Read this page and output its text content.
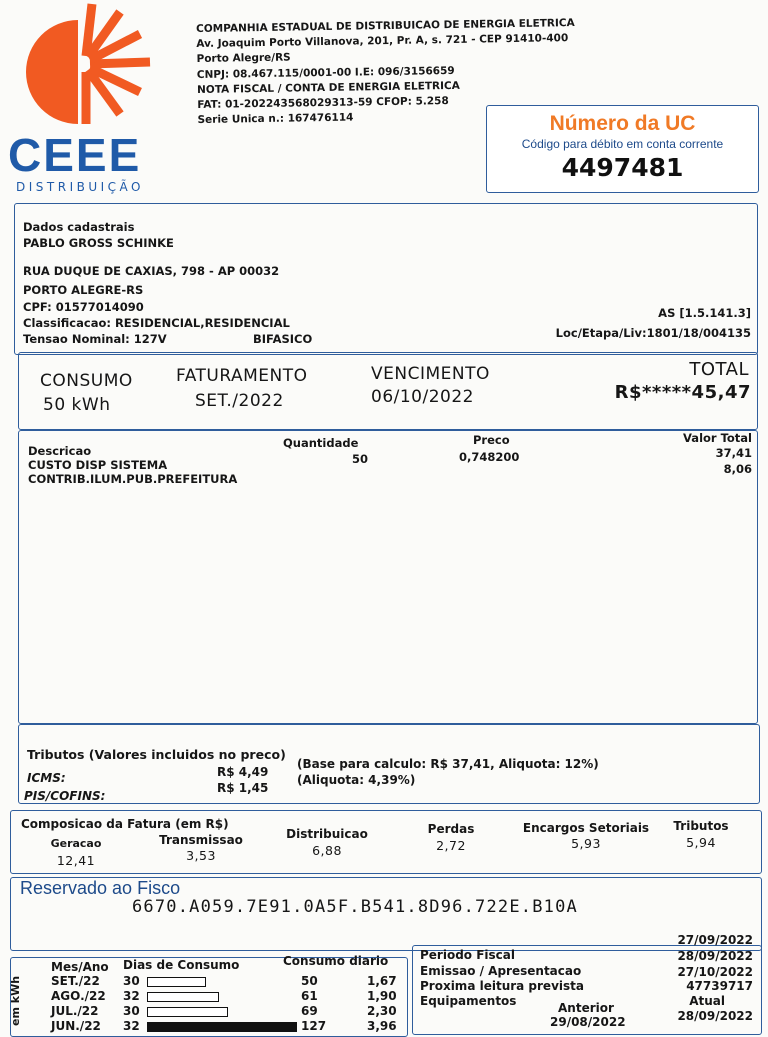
CEEE
DISTRIBUIÇÃO
COMPANHIA ESTADUAL DE DISTRIBUICAO DE ENERGIA ELETRICA
Av. Joaquim Porto Villanova, 201, Pr. A, s. 721 - CEP 91410-400
Porto Alegre/RS
CNPJ: 08.467.115/0001-00 I.E: 096/3156659
NOTA FISCAL / CONTA DE ENERGIA ELETRICA
FAT: 01-202243568029313-59 CFOP: 5.258
Serie Unica n.: 167476114	Número da UC
Código para débito em conta corrente
4497481
Dados cadastrais
PABLO GROSS SCHINKE
RUA DUQUE DE CAXIAS, 798 - AP 00032
PORTO ALEGRE-RS
CPF: 01577014090
Classificacao: RESIDENCIAL,RESIDENCIAL
Tensao Nominal: 127V	BIFASICO
AS [1.5.141.3]
Loc/Etapa/Liv:1801/18/004135
CONSUMO
50 kWh
FATURAMENTO
SET./2022
VENCIMENTO
06/10/2022
TOTAL
R$*****45,47
Descricao
Quantidade	Preco	Valor Total
CUSTO DISP SISTEMA	50	0,748200	37,41
CONTRIB.ILUM.PUB.PREFEITURA
8,06
Tributos (Valores incluidos no preco)
ICMS:	R$ 4,49
(Base para calculo: R$ 37,41, Aliquota: 12%)
PIS/COFINS:
R$ 1,45
(Aliquota: 4,39%)
Composicao da Fatura (em R$)
Geracao
12,41
Transmissao
3,53
Distribuicao
6,88
Perdas
2,72
Encargos Setoriais
5,93
Tributos
5,94
Reservado ao Fisco
6670.A059.7E91.0A5F.B541.8D96.722E.B10A
em kWh
Mes/Ano Dias de Consumo	Consumo diario
SET./22 30	50	1,67
AGO./22 32	61	1,90
JUL./22 30	69	2,30
JUN./22 32	127	3,96
Periodo Fiscal
27/09/2022
28/09/2022
Emissao / Apresentacao	27/10/2022
Proxima leitura prevista	47739717
Equipamentos	Anterior	Atual
29/08/2022	28/09/2022
